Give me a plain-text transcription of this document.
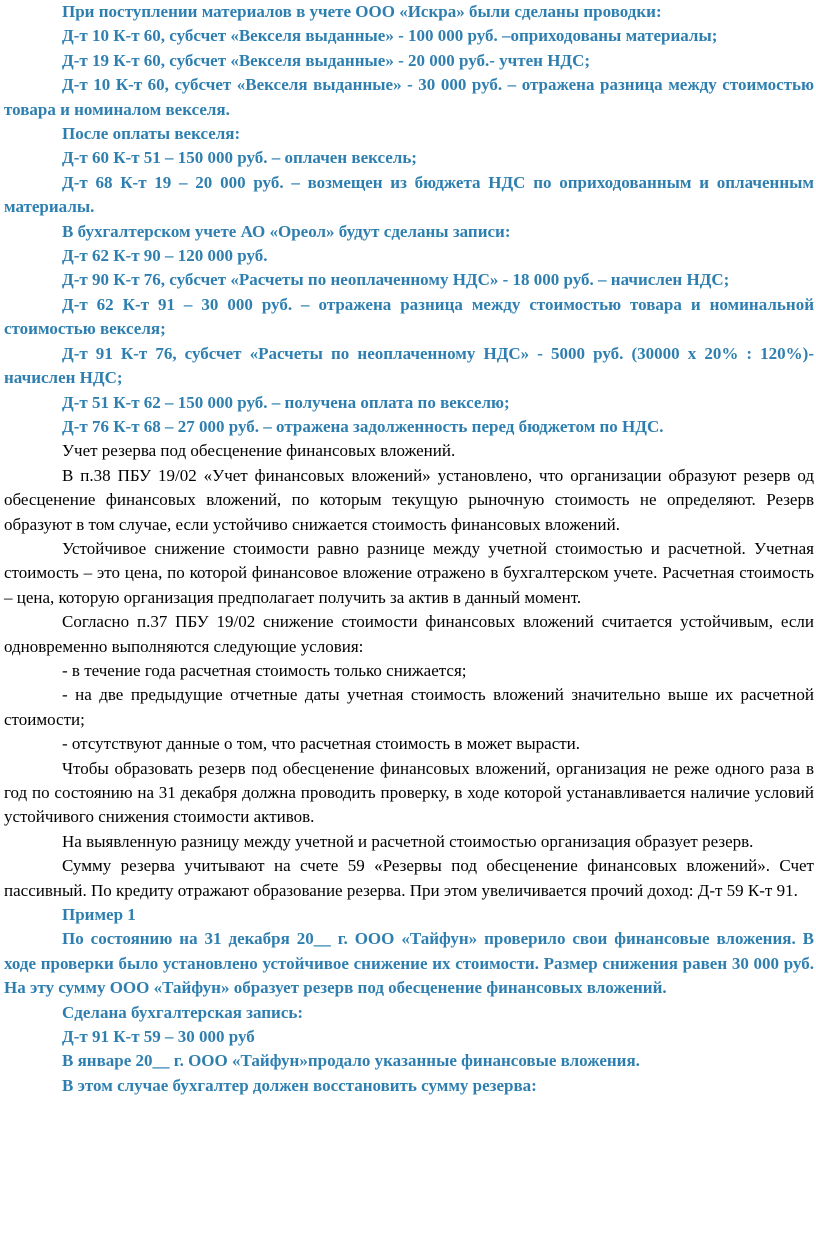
При поступлении материалов в учете ООО «Искра» были сделаны проводки:

Д-т 10 К-т 60, субсчет «Векселя выданные» - 100 000 руб. –оприходованы материалы;

Д-т 19 К-т 60, субсчет «Векселя выданные» - 20 000 руб.- учтен НДС;

Д-т 10 К-т 60, субсчет «Векселя выданные» - 30 000 руб. – отражена разница между стоимостью товара и номиналом векселя.

После оплаты векселя:

Д-т 60 К-т 51 – 150 000 руб. – оплачен вексель;

Д-т 68 К-т 19 – 20 000 руб. – возмещен из бюджета НДС по оприходованным и оплаченным материалы.

В бухгалтерском учете АО «Ореол» будут сделаны записи:

Д-т 62 К-т 90 – 120 000 руб.

Д-т 90 К-т 76, субсчет «Расчеты по неоплаченному НДС» - 18 000 руб. – начислен НДС;

Д-т 62 К-т 91 – 30 000 руб. – отражена разница между стоимостью товара и номинальной стоимостью векселя;

Д-т 91 К-т 76, субсчет «Расчеты по неоплаченному НДС» - 5000 руб. (30000 х 20% : 120%)- начислен НДС;

Д-т 51 К-т 62 – 150 000 руб. – получена оплата по векселю;

Д-т 76 К-т 68 – 27 000 руб. – отражена задолженность перед бюджетом по НДС.

Учет резерва под обесценение финансовых вложений.

В п.38 ПБУ 19/02 «Учет финансовых вложений» установлено, что организации образуют резерв од обесценение финансовых вложений, по которым текущую рыночную стоимость не определяют. Резерв образуют в том случае, если устойчиво снижается стоимость финансовых вложений.

Устойчивое снижение стоимости равно разнице между учетной стоимостью и расчетной. Учетная стоимость – это цена, по которой финансовое вложение отражено в бухгалтерском учете. Расчетная стоимость – цена, которую организация предполагает получить за актив в данный момент.

Согласно п.37 ПБУ 19/02 снижение стоимости финансовых вложений считается устойчивым, если одновременно выполняются следующие условия:

- в течение года расчетная стоимость только снижается;

- на две предыдущие отчетные даты учетная стоимость вложений значительно выше их расчетной стоимости;

- отсутствуют данные о том, что расчетная стоимость в может вырасти.

Чтобы образовать резерв под обесценение финансовых вложений, организация не реже одного раза в год по состоянию на 31 декабря должна проводить проверку, в ходе которой устанавливается наличие условий устойчивого снижения стоимости активов.

На выявленную разницу между учетной и расчетной стоимостью организация образует резерв.

Сумму резерва учитывают на счете 59 «Резервы под обесценение финансовых вложений». Счет пассивный. По кредиту отражают образование резерва. При этом увеличивается прочий доход: Д-т 59 К-т 91.

Пример 1

По состоянию на 31 декабря 20__ г. ООО «Тайфун» проверило свои финансовые вложения. В ходе проверки было установлено устойчивое снижение их стоимости. Размер снижения равен 30 000 руб. На эту сумму ООО «Тайфун» образует резерв под обесценение финансовых вложений.

Сделана бухгалтерская запись:

Д-т 91 К-т 59 – 30 000 руб

В январе 20__ г. ООО «Тайфун»продало указанные финансовые вложения.

В этом случае бухгалтер должен восстановить сумму резерва:
